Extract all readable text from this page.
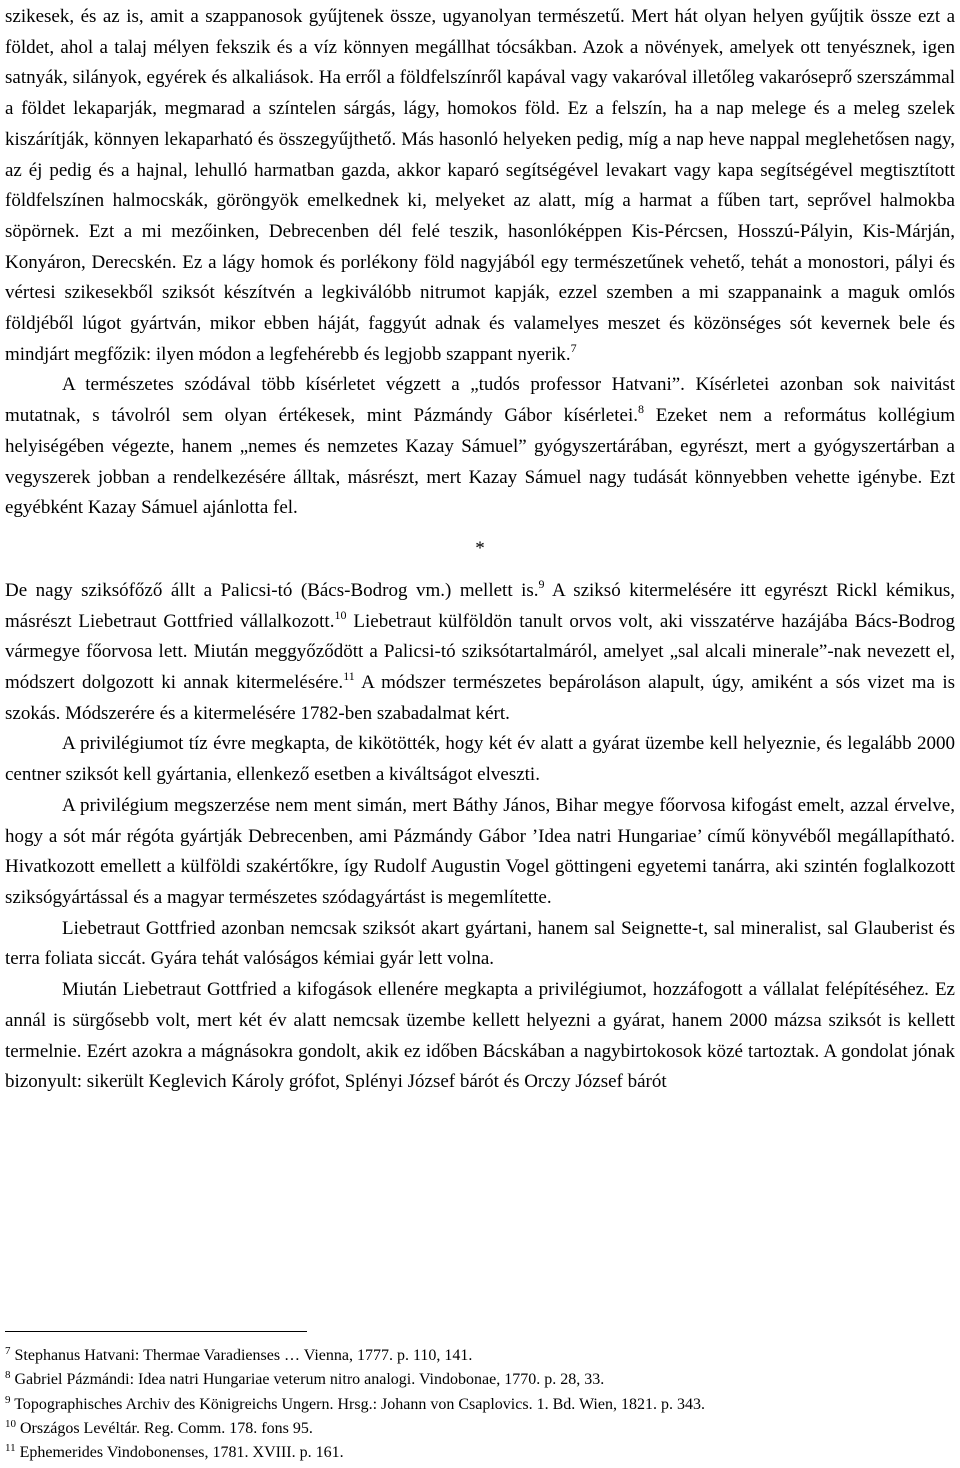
szikesek, és az is, amit a szappanosok gyűjtenek össze, ugyanolyan természetű. Mert hát olyan helyen gyűjtik össze ezt a földet, ahol a talaj mélyen fekszik és a víz könnyen megállhat tócsákban. Azok a növények, amelyek ott tenyésznek, igen satnyák, silányok, egyérek és alkaliások. Ha erről a földfelszínről kapával vagy vakaróval illetőleg vakaróseprő szerszámmal a földet lekaparják, megmarad a színtelen sárgás, lágy, homokos föld. Ez a felszín, ha a nap melege és a meleg szelek kiszárítják, könnyen lekaparható és összegyűjthető. Más hasonló helyeken pedig, míg a nap heve nappal meglehetősen nagy, az éj pedig és a hajnal, lehulló harmatban gazda, akkor kaparó segítségével levakart vagy kapa segítségével megtisztított földfelszínen halmocskák, göröngyök emelkednek ki, melyeket az alatt, míg a harmat a fűben tart, seprővel halmokba söpörnek. Ezt a mi mezőinken, Debrecenben dél felé teszik, hasonlóképpen Kis-Pércsen, Hosszú-Pályin, Kis-Márján, Konyáron, Derecskén. Ez a lágy homok és porlékony föld nagyjából egy természetűnek vehető, tehát a monostori, pályi és vértesi szikesekből sziksót készítvén a legkiválóbb nitrumot kapják, ezzel szemben a mi szappanaink a maguk omlós földjéből lúgot gyártván, mikor ebben háját, faggyút adnak és valamelyes meszet és közönséges sót kevernek bele és mindjárt megfőzik: ilyen módon a legfehérebb és legjobb szappant nyerik.$^7$

A természetes szódával több kísérletet végzett a „tudós professor Hatvani”. Kísérletei azonban sok naivitást mutatnak, s távolról sem olyan értékesek, mint Pázmándy Gábor kísérletei.$^8$ Ezeket nem a református kollégium helyiségében végezte, hanem „nemes és nemzetes Kazay Sámuel” gyógyszertárában, egyrészt, mert a gyógyszertárban a vegyszerek jobban a rendelkezésére álltak, másrészt, mert Kazay Sámuel nagy tudását könnyebben vehette igénybe. Ezt egyébként Kazay Sámuel ajánlotta fel.

*

De nagy sziksófőző állt a Palicsi-tó (Bács-Bodrog vm.) mellett is.$^9$ A sziksó kitermelésére itt egyrészt Rickl kémikus, másrészt Liebetraut Gottfried vállalkozott.$^{10}$ Liebetraut külföldön tanult orvos volt, aki visszatérve hazájába Bács-Bodrog vármegye főorvosa lett. Miután meggyőződött a Palicsi-tó sziksótartalmáról, amelyet „sal alcali minerale”-nak nevezett el, módszert dolgozott ki annak kitermelésére.$^{11}$ A módszer természetes bepároláson alapult, úgy, amiként a sós vizet ma is szokás. Módszerére és a kitermelésére 1782-ben szabadalmat kért.

A privilégiumot tíz évre megkapta, de kikötötték, hogy két év alatt a gyárat üzembe kell helyeznie, és legalább 2000 centner sziksót kell gyártania, ellenkező esetben a kiváltságot elveszti.

A privilégium megszerzése nem ment simán, mert Báthy János, Bihar megye főorvosa kifogást emelt, azzal érvelve, hogy a sót már régóta gyártják Debrecenben, ami Pázmándy Gábor ’Idea natri Hungariae’ című könyvéből megállapítható. Hivatkozott emellett a külföldi szakértőkre, így Rudolf Augustin Vogel göttingeni egyetemi tanárra, aki szintén foglalkozott sziksógyártással és a magyar természetes szódagyártást is megemlítette.

Liebetraut Gottfried azonban nemcsak sziksót akart gyártani, hanem sal Seignette-t, sal mineralist, sal Glauberist és terra foliata siccát. Gyára tehát valóságos kémiai gyár lett volna.

Miután Liebetraut Gottfried a kifogások ellenére megkapta a privilégiumot, hozzáfogott a vállalat felépítéséhez. Ez annál is sürgősebb volt, mert két év alatt nemcsak üzembe kellett helyezni a gyárat, hanem 2000 mázsa sziksót is kellett termelnie. Ezért azokra a mágnásokra gondolt, akik ez időben Bácskában a nagybirtokosok közé tartoztak. A gondolat jónak bizonyult: sikerült Keglevich Károly grófot, Splényi József bárót és Orczy József bárót

$^7$ Stephanus Hatvani: Thermae Varadienses … Vienna, 1777. p. 110, 141.

$^8$ Gabriel Pázmándi: Idea natri Hungariae veterum nitro analogi. Vindobonae, 1770. p. 28, 33.

$^9$ Topographisches Archiv des Königreichs Ungern. Hrsg.: Johann von Csaplovics. 1. Bd. Wien, 1821. p. 343.

$^{10}$ Országos Levéltár. Reg. Comm. 178. fons 95.

$^{11}$ Ephemerides Vindobonenses, 1781. XVIII. p. 161.
